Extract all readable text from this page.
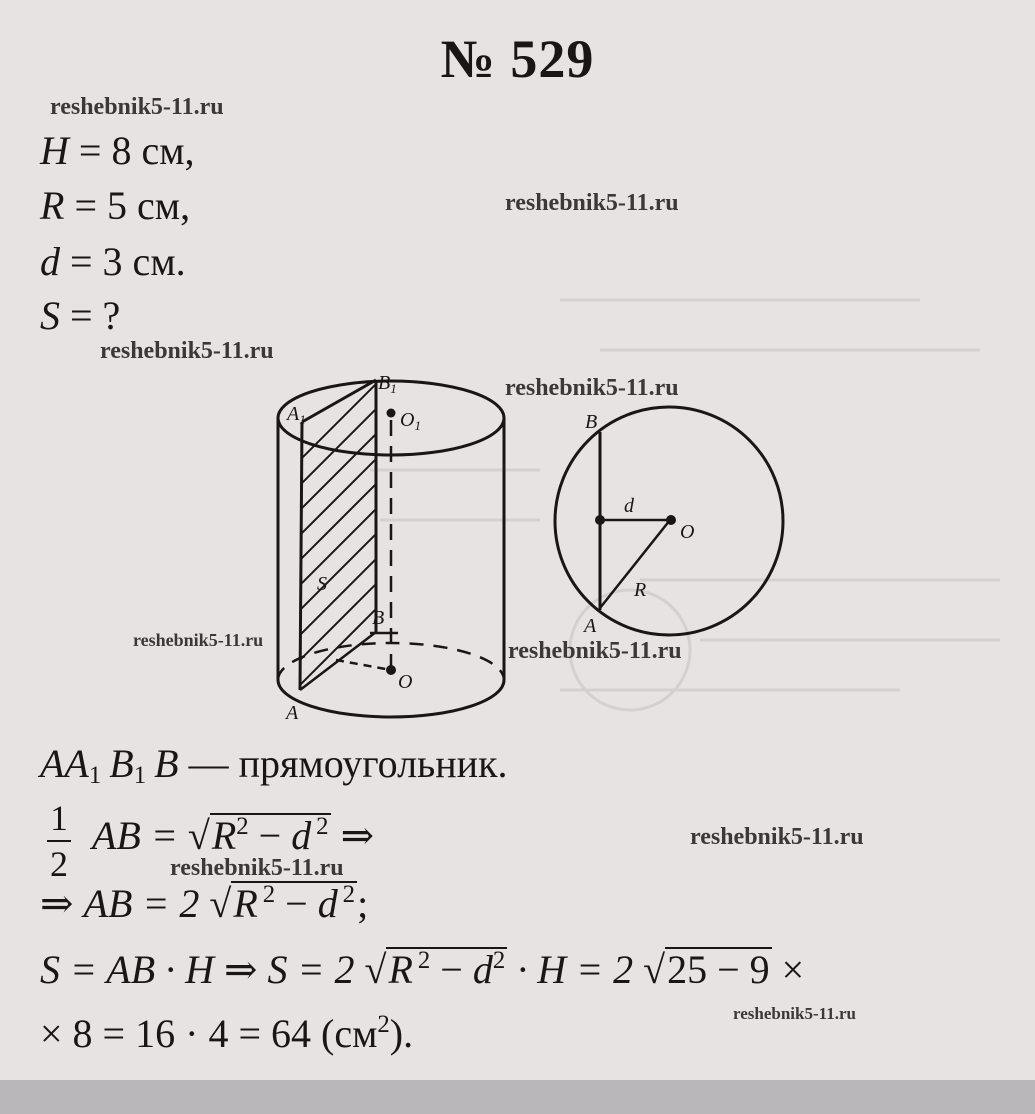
№ 529
reshebnik5-11.ru
reshebnik5-11.ru
reshebnik5-11.ru
reshebnik5-11.ru
reshebnik5-11.ru	reshebnik5-11.ru
reshebnik5-11.ru
reshebnik5-11.ru
reshebnik5-11.ru
H = 8 см,
R = 5 см,
d = 3 см.
S = ?
$A_1$
$B_1$
$O_1$
S
B
O
A
B
A
d
O
R
$AA_1$ $B_1$ B — прямоугольник.
1
2
AB = $√R^2 - d$ $^2$ ⇒
⇒ AB = 2 √R $^2$ − d $^2$;
S = AB · H ⇒ S = 2 √R $^2 - d^2 \cdot H = 2$ √25 − 9 ×
× 8 = 16 · 4 = 64 $(см^2)$.
